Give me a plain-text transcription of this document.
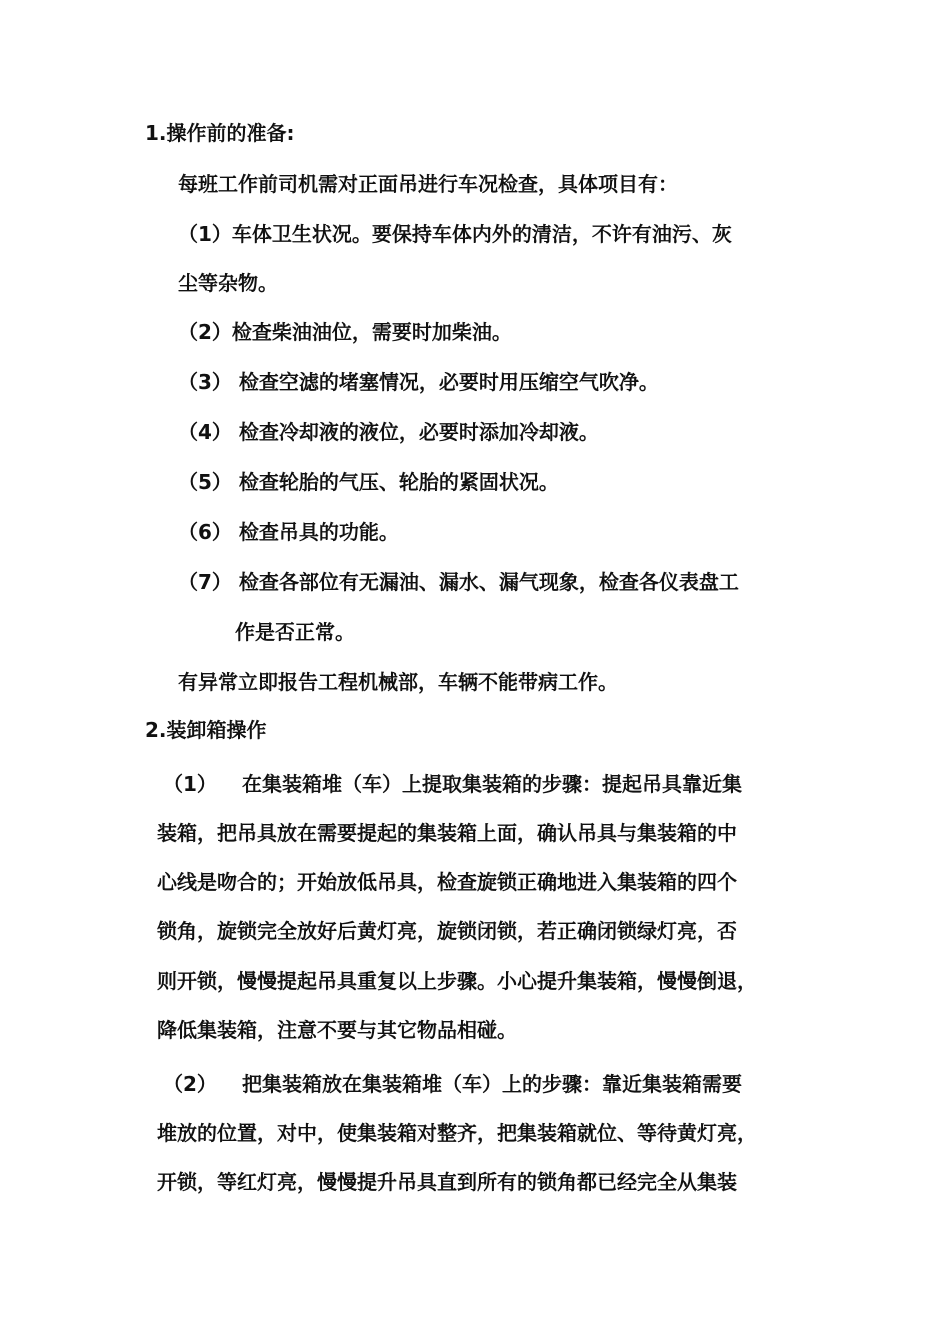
1.操作前的准备:
每班工作前司机需对正面吊进行车况检查，具体项目有：
（1）车体卫生状况。要保持车体内外的清洁，不许有油污、灰
尘等杂物。
（2）检查柴油油位，需要时加柴油。
（3） 检查空滤的堵塞情况，必要时用压缩空气吹净。
（4） 检查冷却液的液位，必要时添加冷却液。
（5） 检查轮胎的气压、轮胎的紧固状况。
（6） 检查吊具的功能。
（7） 检查各部位有无漏油、漏水、漏气现象，检查各仪表盘工
作是否正常。
有异常立即报告工程机械部，车辆不能带病工作。
2.装卸箱操作
（1） 在集装箱堆（车）上提取集装箱的步骤：提起吊具靠近集
装箱，把吊具放在需要提起的集装箱上面，确认吊具与集装箱的中
心线是吻合的；开始放低吊具，检查旋锁正确地进入集装箱的四个
锁角，旋锁完全放好后黄灯亮，旋锁闭锁，若正确闭锁绿灯亮，否
则开锁，慢慢提起吊具重复以上步骤。小心提升集装箱，慢慢倒退，
降低集装箱，注意不要与其它物品相碰。
（2） 把集装箱放在集装箱堆（车）上的步骤：靠近集装箱需要
堆放的位置，对中，使集装箱对整齐，把集装箱就位、等待黄灯亮，
开锁，等红灯亮，慢慢提升吊具直到所有的锁角都已经完全从集装
